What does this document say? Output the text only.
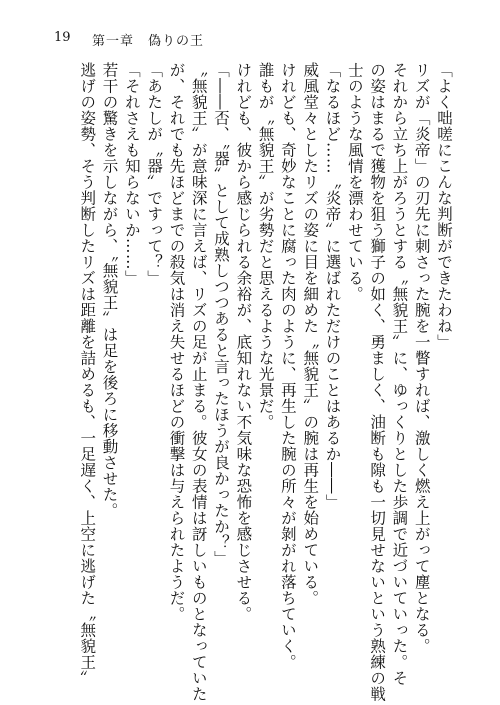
19 第一章　偽りの王
「よく咄嗟にこんな判断ができたわね」
リズが「炎帝」の刃先に刺さった腕を一瞥すれば、激しく燃え上がって塵となる。
それから立ち上がろうとする〝無貌王〟に、ゆっくりとした歩調で近づいていった。そ
の姿はまるで獲物を狙う獅子の如く、勇ましく、油断も隙も一切見せないという熟練の戦
士のような風情を漂わせている。
「なるほど……〝炎帝〟に選ばれただけのことはあるか――」
威風堂々としたリズの姿に目を細めた〝無貌王〟の腕は再生を始めている。
けれども、奇妙なことに腐った肉のように、再生した腕の所々が剝がれ落ちていく。
誰もが〝無貌王〟が劣勢だと思えるような光景だ。
けれども、彼から感じられる余裕が、底知れない不気味な恐怖を感じさせる。
「――否、〝器〟として成熟しつつあると言ったほうが良かったか？」
〝無貌王〟が意味深に言えば、リズの足が止まる。彼女の表情は訝しいものとなっていた
が、それでも先ほどまでの殺気は消え失せるほどの衝撃は与えられたようだ。
「あたしが〝器〟ですって？」
「それさえも知らないか……」
若干の驚きを示しながら、〝無貌王〟は足を後ろに移動させた。
逃げの姿勢、そう判断したリズは距離を詰めるも、一足遅く、上空に逃げた〝無貌王〟
